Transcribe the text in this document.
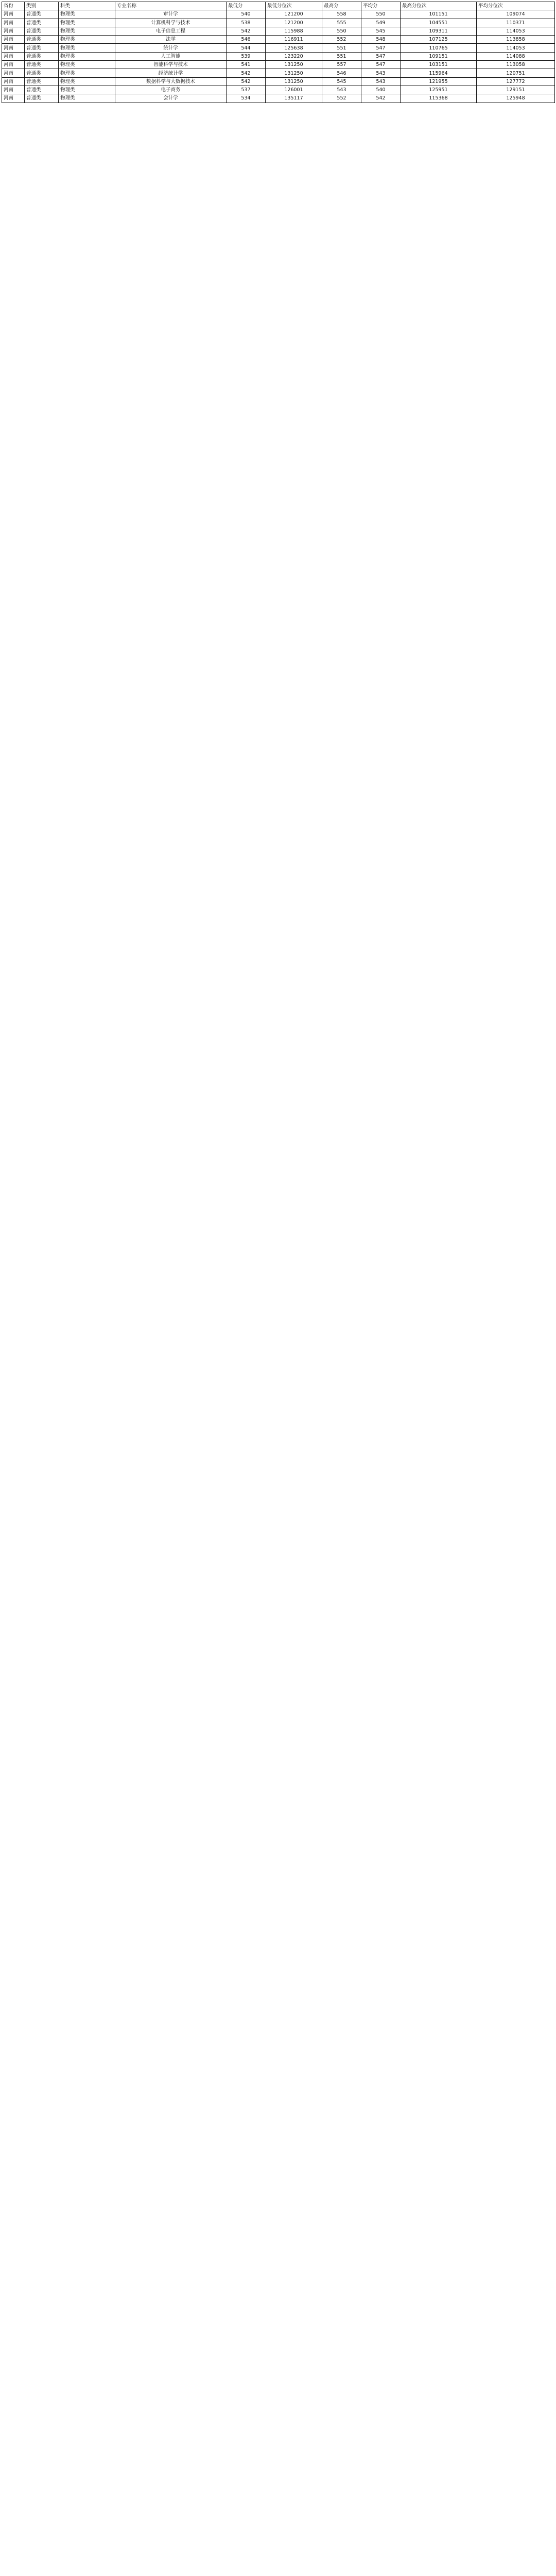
省份	类别	科类	专业名称	最低分	最低分位次	最高分	平均分	最高分位次	平均分位次
河南	普通类	物理类	审计学	540	121200	558	550	101151	109074
河南	普通类	物理类	计算机科学与技术	538	121200	555	549	104551	110371
河南	普通类	物理类	电子信息工程	542	115988	550	545	109311	114053
河南	普通类	物理类	法学	546	116911	552	548	107125	113858
河南	普通类	物理类	统计学	544	125638	551	547	110765	114053
河南	普通类	物理类	人工智能	539	123220	551	547	109151	114088
河南	普通类	物理类	智能科学与技术	541	131250	557	547	103151	113058
河南	普通类	物理类	经济统计学	542	131250	546	543	115964	120751
河南	普通类	物理类	数据科学与大数据技术	542	131250	545	543	121955	127772
河南	普通类	物理类	电子商务	537	126001	543	540	125951	129151
河南	普通类	物理类	会计学	534	135117	552	542	115368	125948
